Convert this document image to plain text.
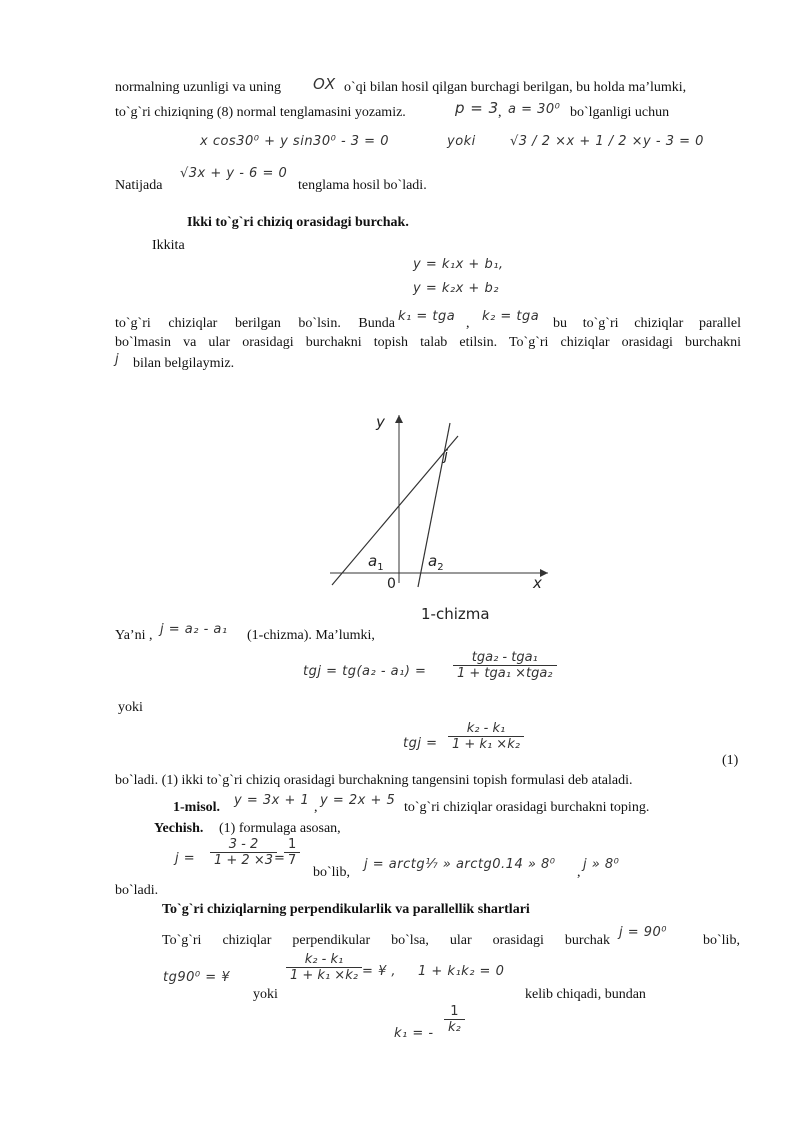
normalning uzunligi va uning OX o`qi bilan hosil qilgan burchagi berilgan, bu holda ma’lumki,
to`g`ri chiziqning (8) normal tenglamasini yozamiz.	p = 3 , a = 30⁰ bo`lganligi uchun
x cos30⁰ + y sin30⁰ - 3 = 0	yoki	√3 / 2 ×x + 1 / 2 ×y - 3 = 0
Natijada
√3x + y - 6 = 0
tenglama hosil bo`ladi.
Ikki to`g`ri chiziq orasidagi burchak.
Ikkita
y = k₁x + b₁,
y = k₂x + b₂
to`g`ri chiziqlar berilgan bo`lsin. Bunda k₁ = tga , k₂ = tga bu to`g`ri chiziqlar parallel
bo`lmasin va ular orasidagi burchakni topish talab etilsin. To`g`ri chiziqlar orasidagi burchakni
j bilan belgilaymiz.
y
x
0
j
$a_1$	$a_2$
1-chizma
Ya’ni , j = a₂ - a₁ (1-chizma). Ma’lumki,
tgj = tg(a₂ - a₁) =
tga₂ - tga₁
1 + tga₁ ×tga₂
yoki
tgj =
k₂ - k₁
1 + k₁ ×k₂
(1)
bo`ladi. (1) ikki to`g`ri chiziq orasidagi burchakning tangensini topish formulasi deb ataladi.
1-misol. y = 3x + 1 , y = 2x + 5 to`g`ri chiziqlar orasidagi burchakni toping.
Yechish. (1) formulaga asosan,
j =
3 - 2
1 + 2 ×3 =
1
7
bo`lib,
j = arctg⅐ » arctg0.14 » 8⁰
,
j » 8⁰
bo`ladi.
To`g`ri chiziqlarning perpendikularlik va parallellik shartlari
To`g`ri chiziqlar perpendikular bo`lsa, ular orasidagi burchak
j = 90⁰
bo`lib,
tg90⁰ = ¥
yoki
k₂ - k₁
1 + k₁ ×k₂ = ¥ , 1 + k₁k₂ = 0
kelib chiqadi, bundan
k₁ = -
1
k₂
